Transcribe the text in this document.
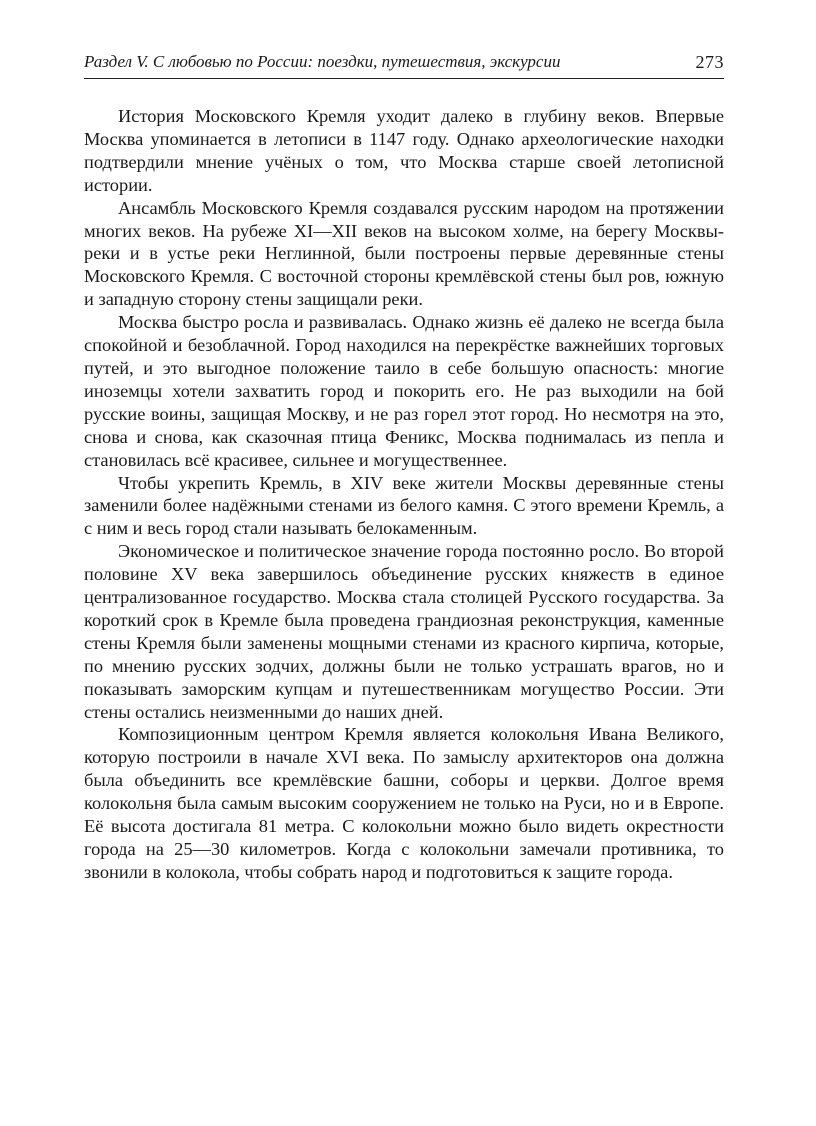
Раздел V. С любовью по России: поездки, путешествия, экскурсии	273

История Московского Кремля уходит далеко в глубину веков. Впервые Москва упоминается в летописи в 1147 году. Однако археологические находки подтвердили мнение учёных о том, что Москва старше своей летописной истории.

Ансамбль Московского Кремля создавался русским народом на протяжении многих веков. На рубеже XI—XII веков на высоком холме, на берегу Москвы-реки и в устье реки Неглинной, были построены первые деревянные стены Московского Кремля. С восточной стороны кремлёвской стены был ров, южную и западную сторону стены защищали реки.

Москва быстро росла и развивалась. Однако жизнь её далеко не всегда была спокойной и безоблачной. Город находился на перекрёстке важнейших торговых путей, и это выгодное положение таило в себе большую опасность: многие иноземцы хотели захватить город и покорить его. Не раз выходили на бой русские воины, защищая Москву, и не раз горел этот город. Но несмотря на это, снова и снова, как сказочная птица Феникс, Москва поднималась из пепла и становилась всё красивее, сильнее и могущественнее.

Чтобы укрепить Кремль, в XIV веке жители Москвы деревянные стены заменили более надёжными стенами из белого камня. С этого времени Кремль, а с ним и весь город стали называть белокаменным.

Экономическое и политическое значение города постоянно росло. Во второй половине XV века завершилось объединение русских княжеств в единое централизованное государство. Москва стала столицей Русского государства. За короткий срок в Кремле была проведена грандиозная реконструкция, каменные стены Кремля были заменены мощными стенами из красного кирпича, которые, по мнению русских зодчих, должны были не только устрашать врагов, но и показывать заморским купцам и путешественникам могущество России. Эти стены остались неизменными до наших дней.

Композиционным центром Кремля является колокольня Ивана Великого, которую построили в начале XVI века. По замыслу архитекторов она должна была объединить все кремлёвские башни, соборы и церкви. Долгое время колокольня была самым высоким сооружением не только на Руси, но и в Европе. Её высота достигала 81 метра. С колокольни можно было видеть окрестности города на 25—30 километров. Когда с колокольни замечали противника, то звонили в колокола, чтобы собрать народ и подготовиться к защите города.
